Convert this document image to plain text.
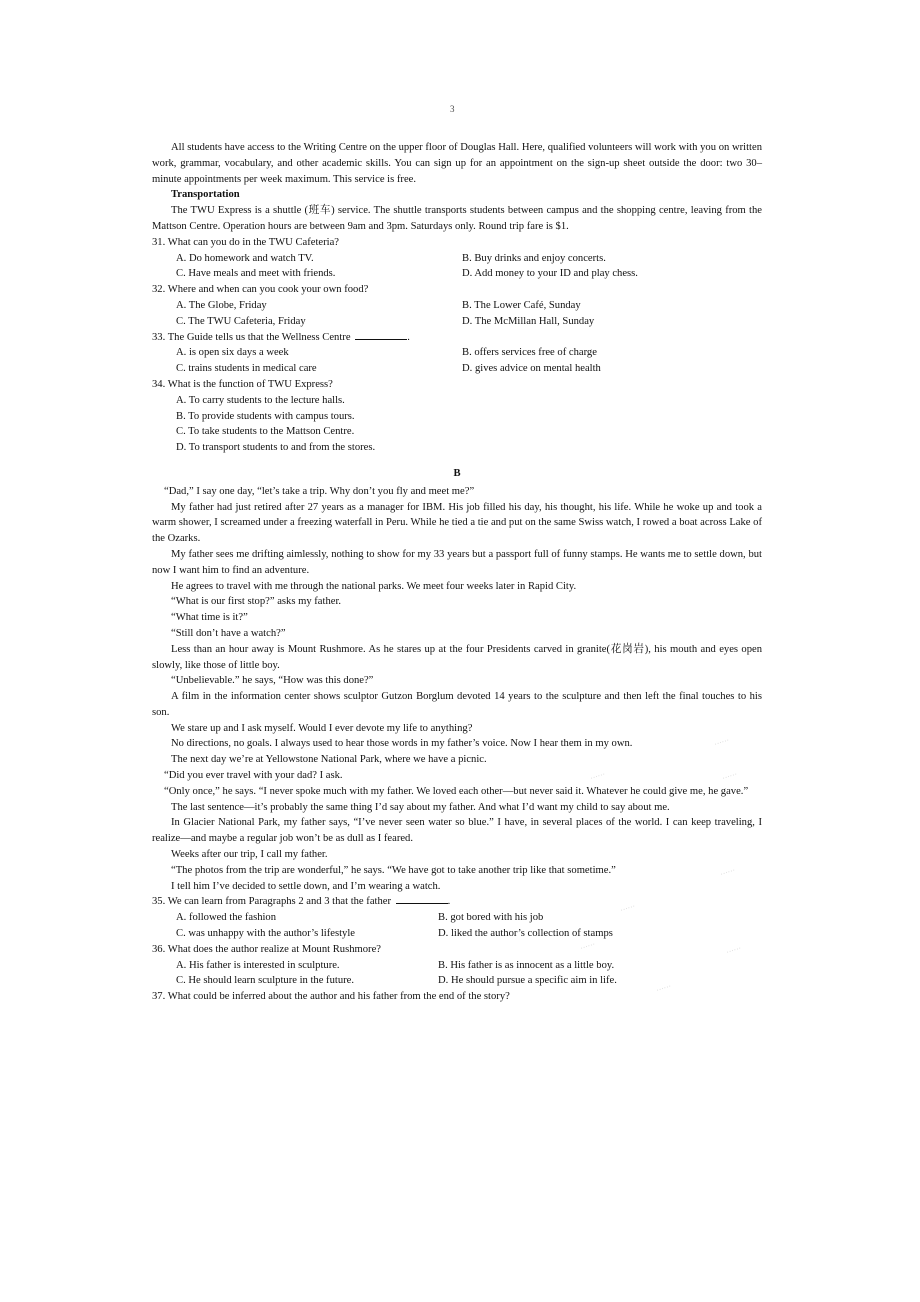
3

All students have access to the Writing Centre on the upper floor of Douglas Hall. Here, qualified volunteers will work with you on written work, grammar, vocabulary, and other academic skills. You can sign up for an appointment on the sign-up sheet outside the door: two 30–minute appointments per week maximum. This service is free.

Transportation

The TWU Express is a shuttle (班车) service. The shuttle transports students between campus and the shopping centre, leaving from the Mattson Centre. Operation hours are between 9am and 3pm. Saturdays only. Round trip fare is $1.

31. What can you do in the TWU Cafeteria?

A. Do homework and watch TV.	B. Buy drinks and enjoy concerts.
C. Have meals and meet with friends.	D. Add money to your ID and play chess.

32. Where and when can you cook your own food?

A. The Globe, Friday	B. The Lower Café, Sunday
C. The TWU Cafeteria, Friday	D. The McMillan Hall, Sunday

33. The Guide tells us that the Wellness Centre	.

A. is open six days a week	B. offers services free of charge
C. trains students in medical care	D. gives advice on mental health

34. What is the function of TWU Express?

A. To carry students to the lecture halls.
B. To provide students with campus tours.
C. To take students to the Mattson Centre.
D. To transport students to and from the stores.

B

“Dad,” I say one day, “let’s take a trip. Why don’t you fly and meet me?”

My father had just retired after 27 years as a manager for IBM. His job filled his day, his thought, his life. While he woke up and took a warm shower, I screamed under a freezing waterfall in Peru. While he tied a tie and put on the same Swiss watch, I rowed a boat across Lake of the Ozarks.

My father sees me drifting aimlessly, nothing to show for my 33 years but a passport full of funny stamps. He wants me to settle down, but now I want him to find an adventure.

He agrees to travel with me through the national parks. We meet four weeks later in Rapid City.

“What is our first stop?” asks my father.

“What time is it?”

“Still don’t have a watch?”

Less than an hour away is Mount Rushmore. As he stares up at the four Presidents carved in granite(花岗岩), his mouth and eyes open slowly, like those of little boy.

“Unbelievable.” he says, “How was this done?”

A film in the information center shows sculptor Gutzon Borglum devoted 14 years to the sculpture and then left the final touches to his son.

We stare up and I ask myself. Would I ever devote my life to anything?

No directions, no goals. I always used to hear those words in my father’s voice. Now I hear them in my own.

The next day we’re at Yellowstone National Park, where we have a picnic.

“Did you ever travel with your dad? I ask.

“Only once,” he says. “I never spoke much with my father. We loved each other—but never said it. Whatever he could give me, he gave.”

The last sentence—it’s probably the same thing I’d say about my father. And what I’d want my child to say about me.

In Glacier National Park, my father says, “I’ve never seen water so blue.” I have, in several places of the world. I can keep traveling, I realize—and maybe a regular job won’t be as dull as I feared.

Weeks after our trip, I call my father.

“The photos from the trip are wonderful,” he says. “We have got to take another trip like that sometime.”

I tell him I’ve decided to settle down, and I’m wearing a watch.

35. We can learn from Paragraphs 2 and 3 that the father	.

A. followed the fashion	B. got bored with his job
C. was unhappy with the author’s lifestyle	D. liked the author’s collection of stamps

36. What does the author realize at Mount Rushmore?

A. His father is interested in sculpture.	B. His father is as innocent as a little boy.
C. He should learn sculpture in the future.	D. He should pursue a specific aim in life.

37. What could be inferred about the author and his father from the end of the story?

······
······	······
······
······
······	······
······
